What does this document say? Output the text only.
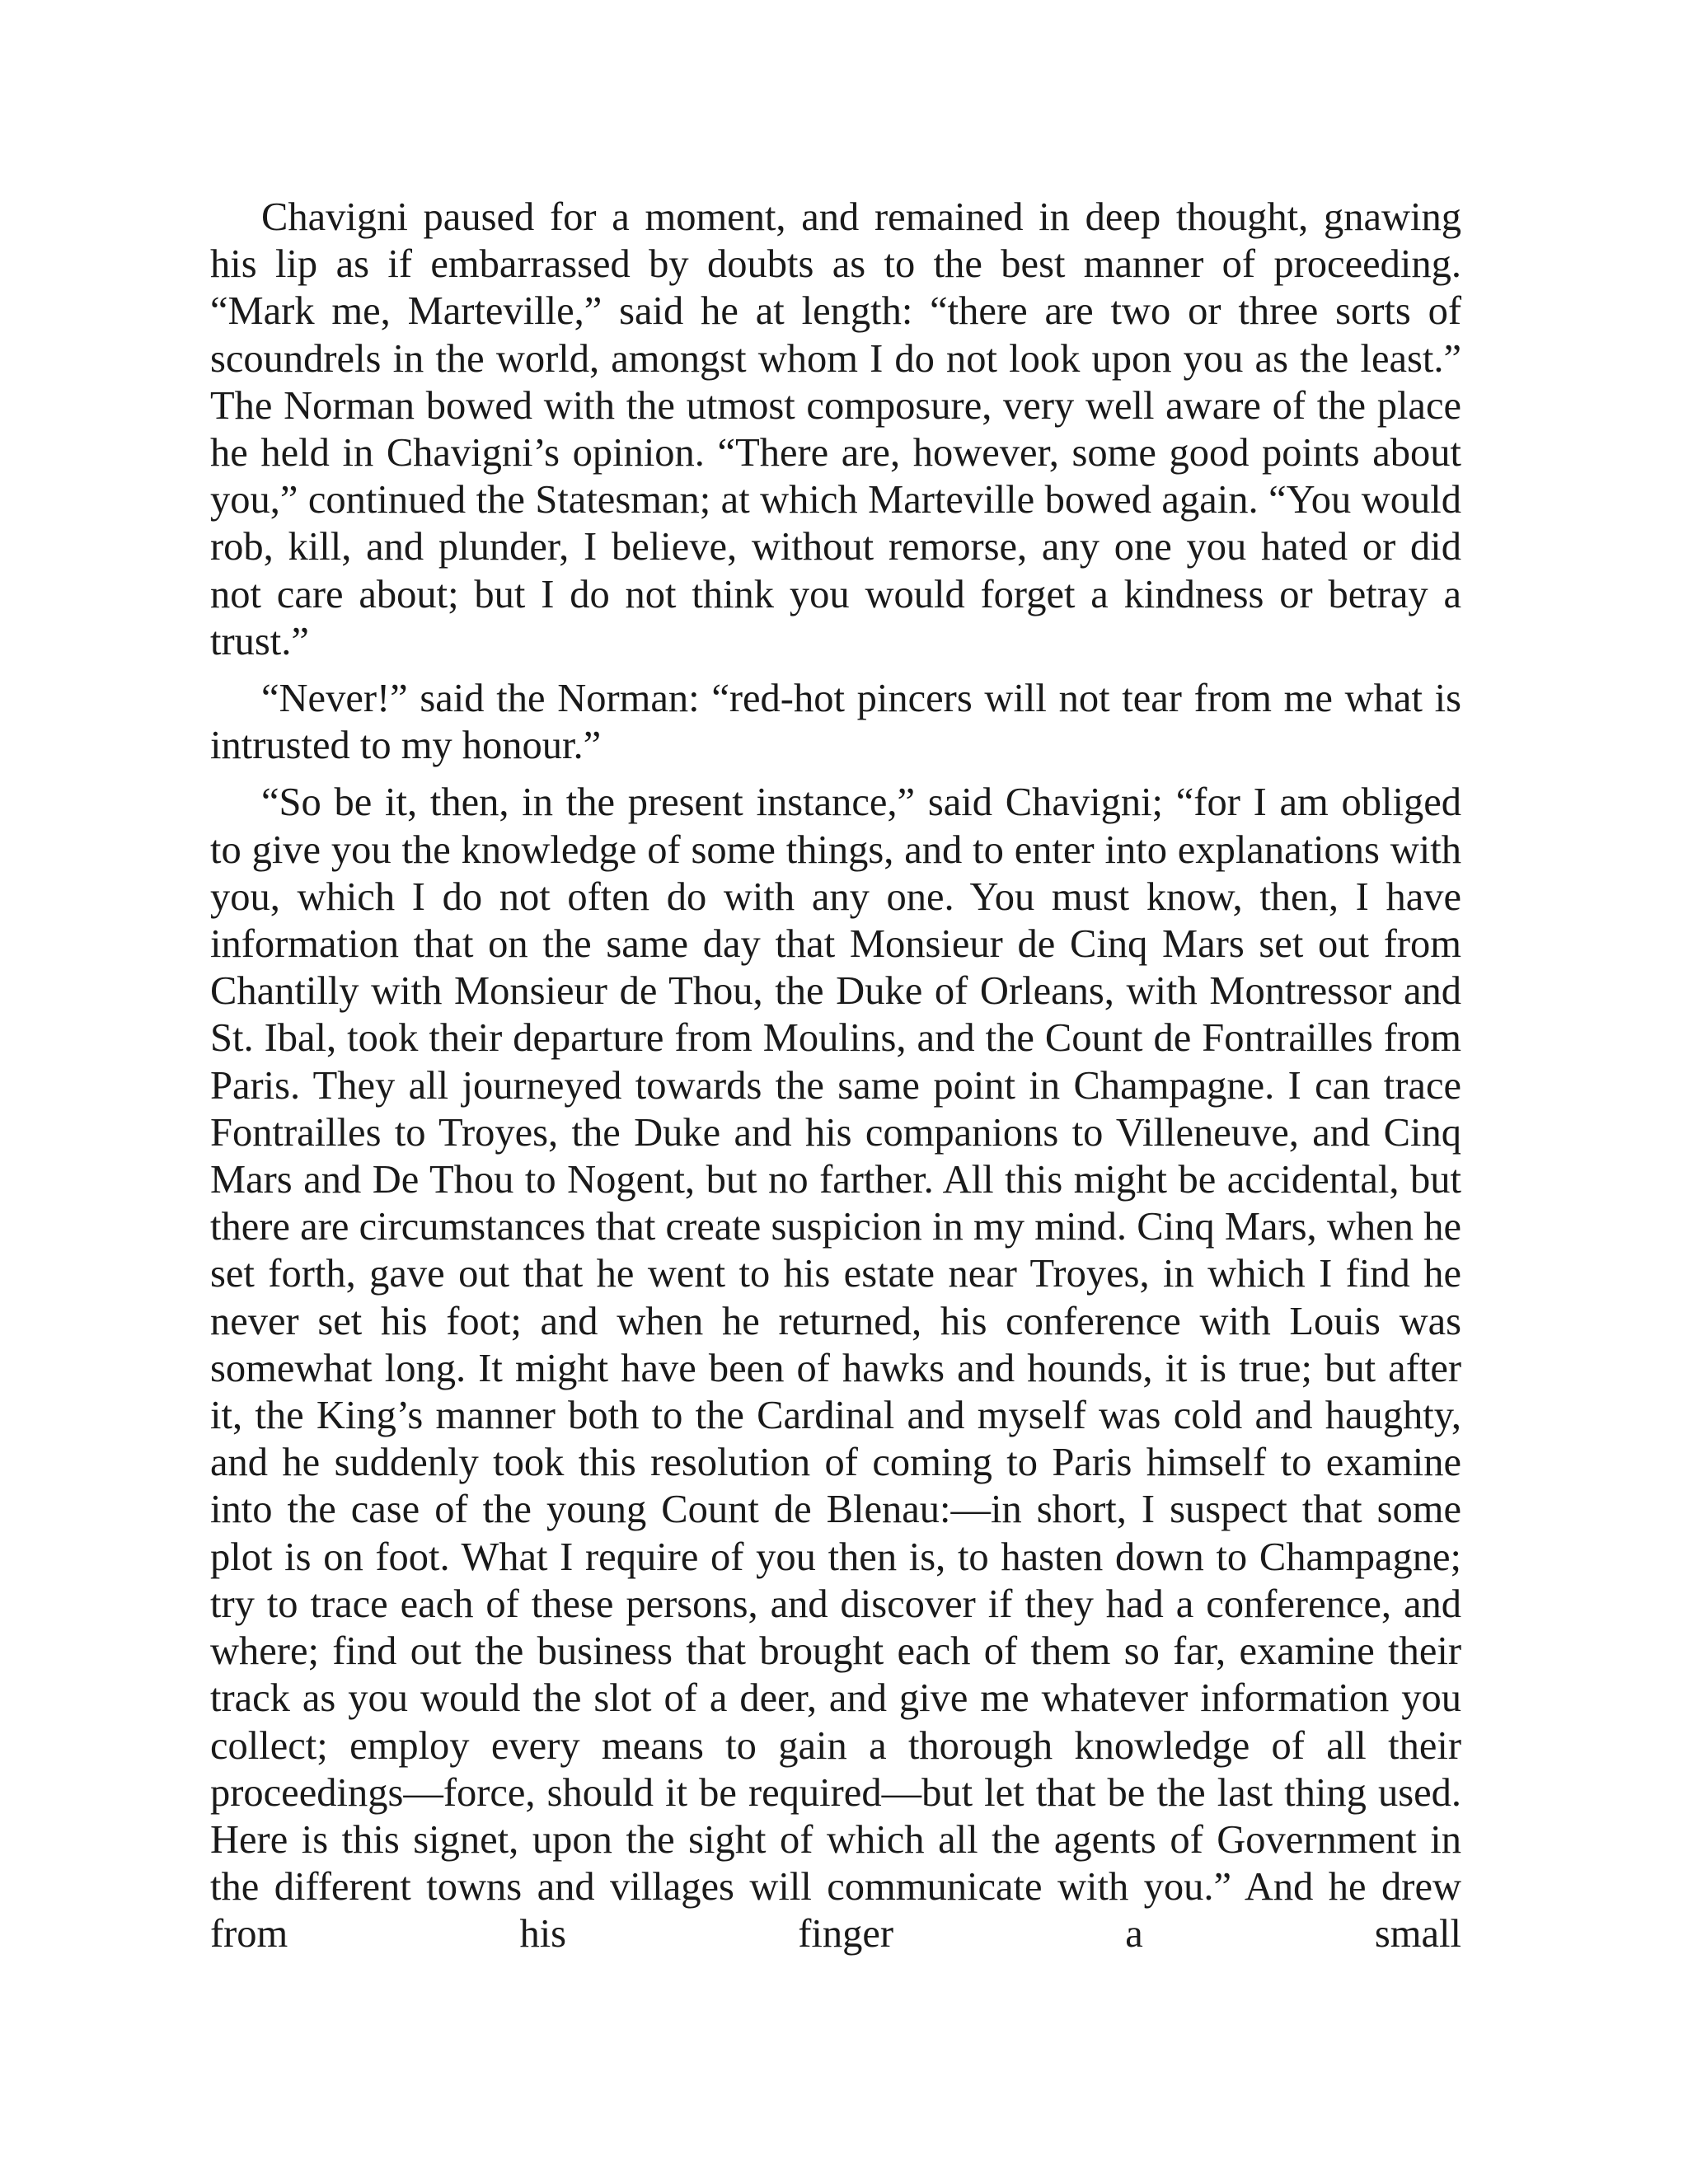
Chavigni paused for a moment, and remained in deep thought, gnawing his lip as if embarrassed by doubts as to the best manner of proceeding. “Mark me, Marteville,” said he at length: “there are two or three sorts of scoundrels in the world, amongst whom I do not look upon you as the least.” The Norman bowed with the utmost composure, very well aware of the place he held in Chavigni’s opinion. “There are, however, some good points about you,” continued the Statesman; at which Marteville bowed again. “You would rob, kill, and plunder, I believe, without remorse, any one you hated or did not care about; but I do not think you would forget a kindness or betray a trust.”

“Never!” said the Norman: “red-hot pincers will not tear from me what is intrusted to my honour.”

“So be it, then, in the present instance,” said Chavigni; “for I am obliged to give you the knowledge of some things, and to enter into explanations with you, which I do not often do with any one. You must know, then, I have information that on the same day that Monsieur de Cinq Mars set out from Chantilly with Monsieur de Thou, the Duke of Orleans, with Montressor and St. Ibal, took their departure from Moulins, and the Count de Fontrailles from Paris. They all journeyed towards the same point in Champagne. I can trace Fontrailles to Troyes, the Duke and his companions to Villeneuve, and Cinq Mars and De Thou to Nogent, but no farther. All this might be accidental, but there are circumstances that create suspicion in my mind. Cinq Mars, when he set forth, gave out that he went to his estate near Troyes, in which I find he never set his foot; and when he returned, his conference with Louis was somewhat long. It might have been of hawks and hounds, it is true; but after it, the King’s manner both to the Cardinal and myself was cold and haughty, and he suddenly took this resolution of coming to Paris himself to examine into the case of the young Count de Blenau:—in short, I suspect that some plot is on foot. What I require of you then is, to hasten down to Champagne; try to trace each of these persons, and discover if they had a conference, and where; find out the business that brought each of them so far, examine their track as you would the slot of a deer, and give me whatever information you collect; employ every means to gain a thorough knowledge of all their proceedings—force, should it be required—but let that be the last thing used. Here is this signet, upon the sight of which all the agents of Government in the different towns and villages will communicate with you.” And he drew from his finger a small
